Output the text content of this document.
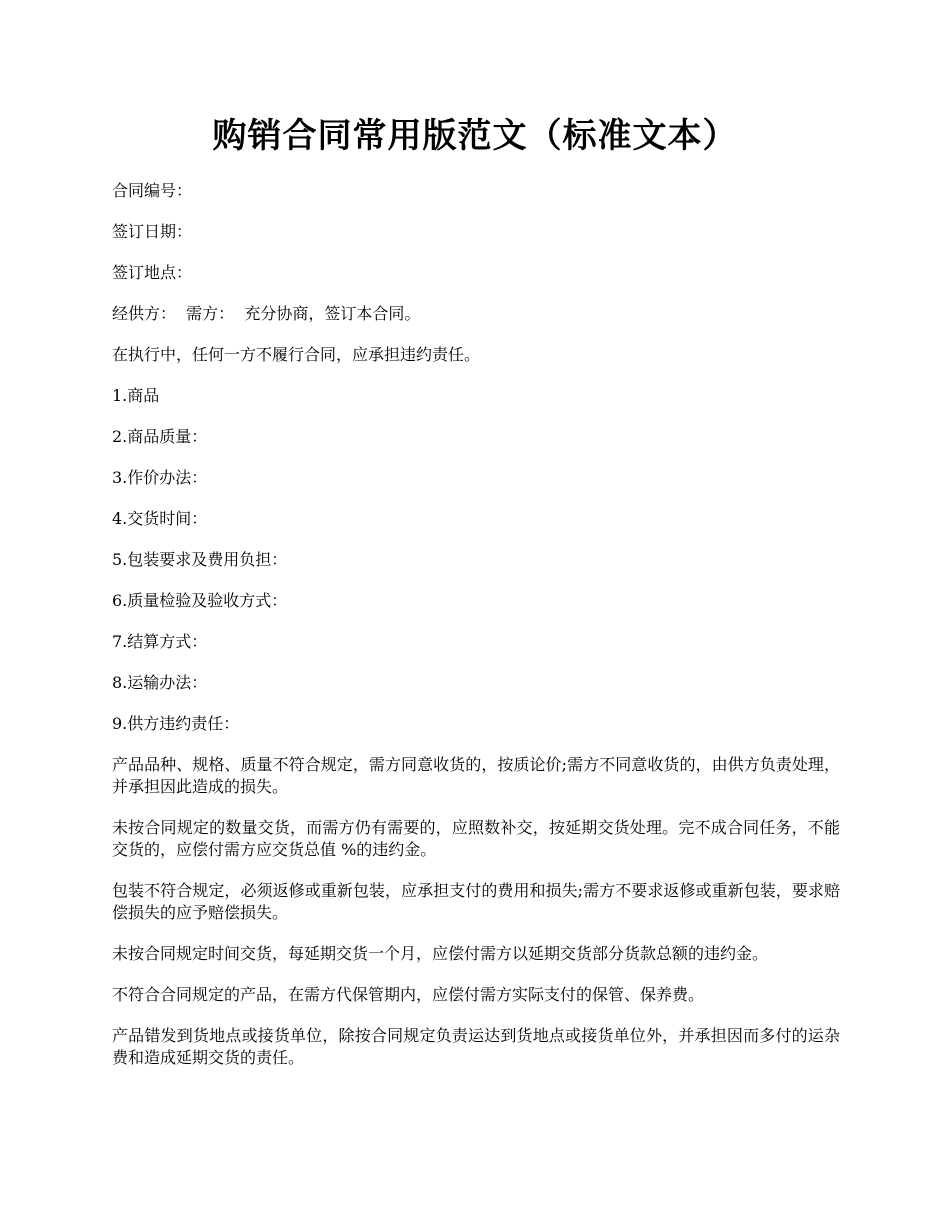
购销合同常用版范文（标准文本）

合同编号：

签订日期：

签订地点：

经供方：  需方：  充分协商，签订本合同。

在执行中，任何一方不履行合同，应承担违约责任。

1.商品

2.商品质量：

3.作价办法：

4.交货时间：

5.包装要求及费用负担：

6.质量检验及验收方式：

7.结算方式：

8.运输办法：

9.供方违约责任：

产品品种、规格、质量不符合规定，需方同意收货的，按质论价;需方不同意收货的，由供方负责处理，并承担因此造成的损失。

未按合同规定的数量交货，而需方仍有需要的，应照数补交，按延期交货处理。完不成合同任务，不能交货的，应偿付需方应交货总值 %的违约金。

包装不符合规定，必须返修或重新包装，应承担支付的费用和损失;需方不要求返修或重新包装，要求赔偿损失的应予赔偿损失。

未按合同规定时间交货，每延期交货一个月，应偿付需方以延期交货部分货款总额的违约金。

不符合合同规定的产品，在需方代保管期内，应偿付需方实际支付的保管、保养费。

产品错发到货地点或接货单位，除按合同规定负责运达到货地点或接货单位外，并承担因而多付的运杂费和造成延期交货的责任。
